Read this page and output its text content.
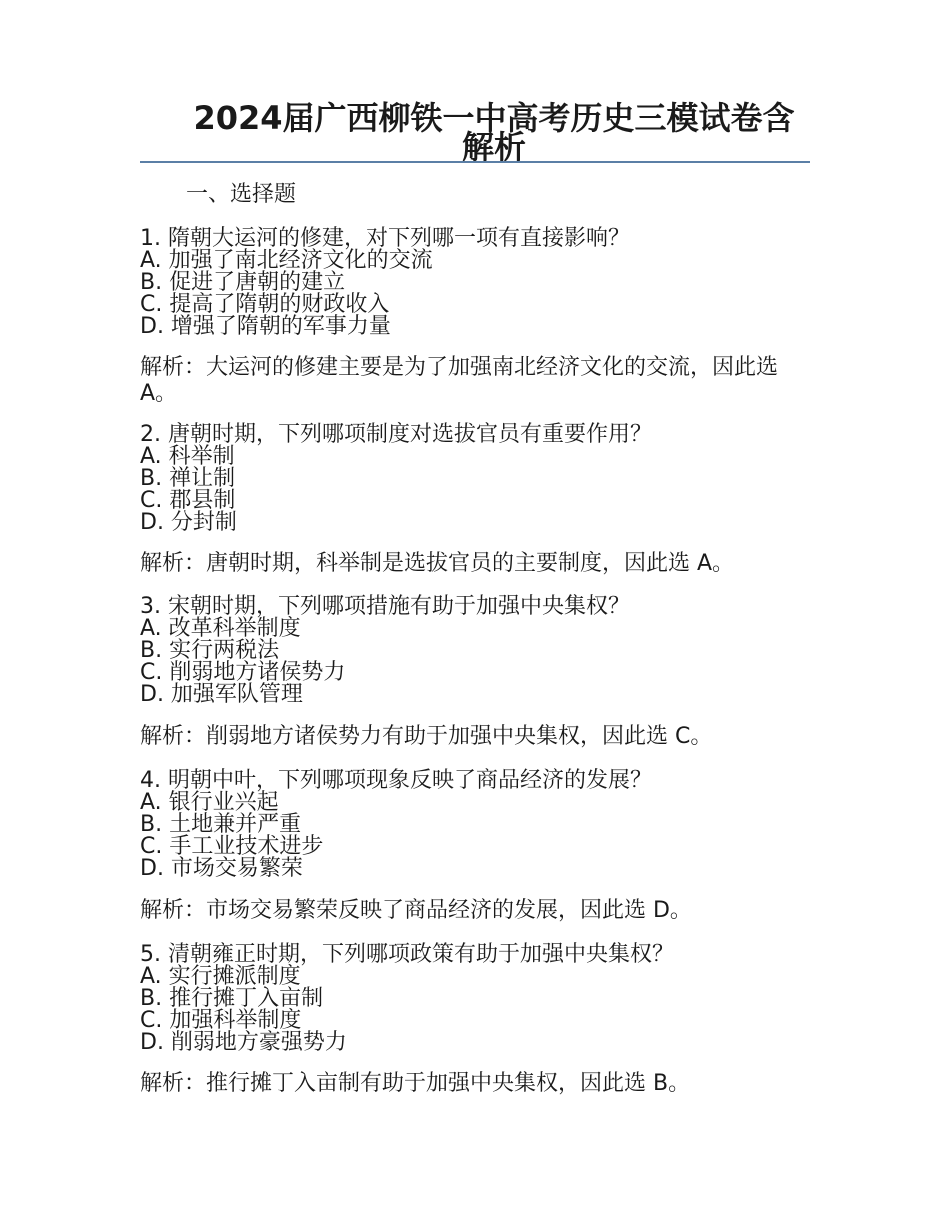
2024届广西柳铁一中高考历史三模试卷含解析
一、选择题
1. 隋朝大运河的修建，对下列哪一项有直接影响？
A. 加强了南北经济文化的交流
B. 促进了唐朝的建立
C. 提高了隋朝的财政收入
D. 增强了隋朝的军事力量
解析：大运河的修建主要是为了加强南北经济文化的交流，因此选 A。
2. 唐朝时期，下列哪项制度对选拔官员有重要作用？
A. 科举制
B. 禅让制
C. 郡县制
D. 分封制
解析：唐朝时期，科举制是选拔官员的主要制度，因此选 A。
3. 宋朝时期，下列哪项措施有助于加强中央集权？
A. 改革科举制度
B. 实行两税法
C. 削弱地方诸侯势力
D. 加强军队管理
解析：削弱地方诸侯势力有助于加强中央集权，因此选 C。
4. 明朝中叶，下列哪项现象反映了商品经济的发展？
A. 银行业兴起
B. 土地兼并严重
C. 手工业技术进步
D. 市场交易繁荣
解析：市场交易繁荣反映了商品经济的发展，因此选 D。
5. 清朝雍正时期，下列哪项政策有助于加强中央集权？
A. 实行摊派制度
B. 推行摊丁入亩制
C. 加强科举制度
D. 削弱地方豪强势力
解析：推行摊丁入亩制有助于加强中央集权，因此选 B。
